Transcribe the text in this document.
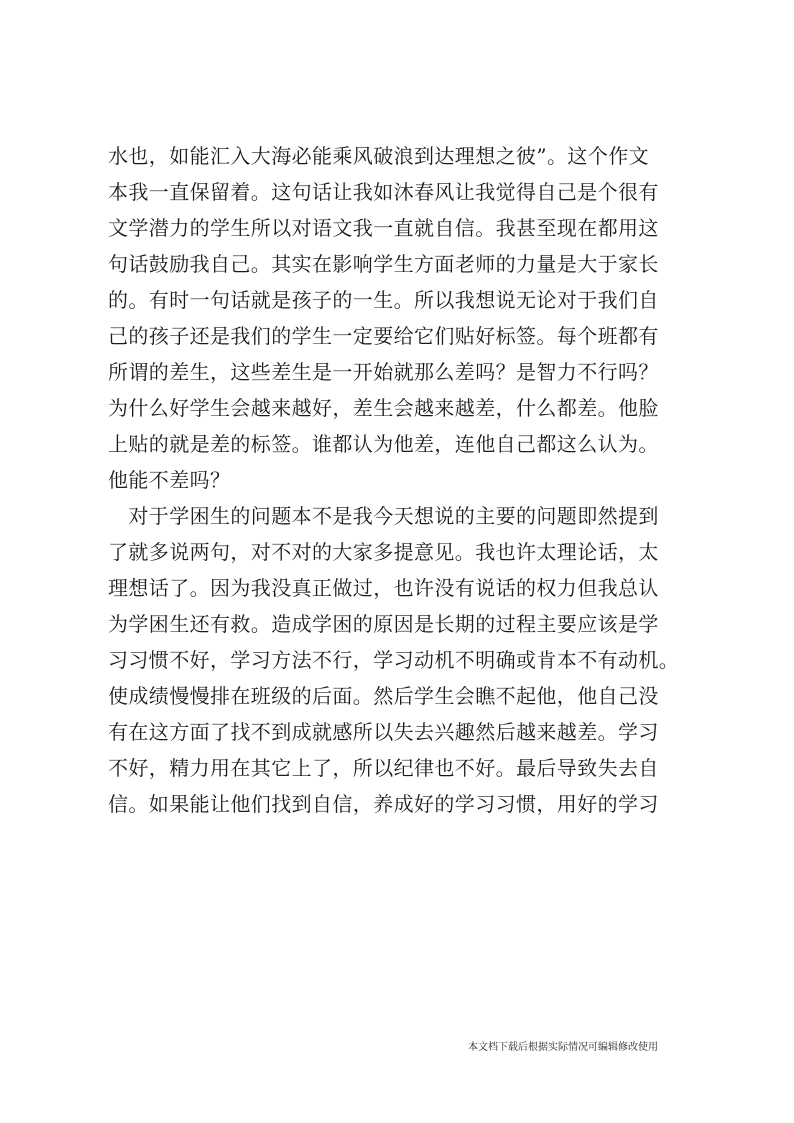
水也，如能汇入大海必能乘风破浪到达理想之彼”。这个作文
本我一直保留着。这句话让我如沐春风让我觉得自己是个很有
文学潜力的学生所以对语文我一直就自信。我甚至现在都用这
句话鼓励我自己。其实在影响学生方面老师的力量是大于家长
的。有时一句话就是孩子的一生。所以我想说无论对于我们自
己的孩子还是我们的学生一定要给它们贴好标签。每个班都有
所谓的差生，这些差生是一开始就那么差吗？是智力不行吗？
为什么好学生会越来越好，差生会越来越差，什么都差。他脸
上贴的就是差的标签。谁都认为他差，连他自己都这么认为。
他能不差吗？
　对于学困生的问题本不是我今天想说的主要的问题即然提到
了就多说两句，对不对的大家多提意见。我也许太理论话，太
理想话了。因为我没真正做过，也许没有说话的权力但我总认
为学困生还有救。造成学困的原因是长期的过程主要应该是学
习习惯不好，学习方法不行，学习动机不明确或肯本不有动机。
使成绩慢慢排在班级的后面。然后学生会瞧不起他，他自己没
有在这方面了找不到成就感所以失去兴趣然后越来越差。学习
不好，精力用在其它上了，所以纪律也不好。最后导致失去自
信。如果能让他们找到自信，养成好的学习习惯，用好的学习
本文档下载后根据实际情况可编辑修改使用
